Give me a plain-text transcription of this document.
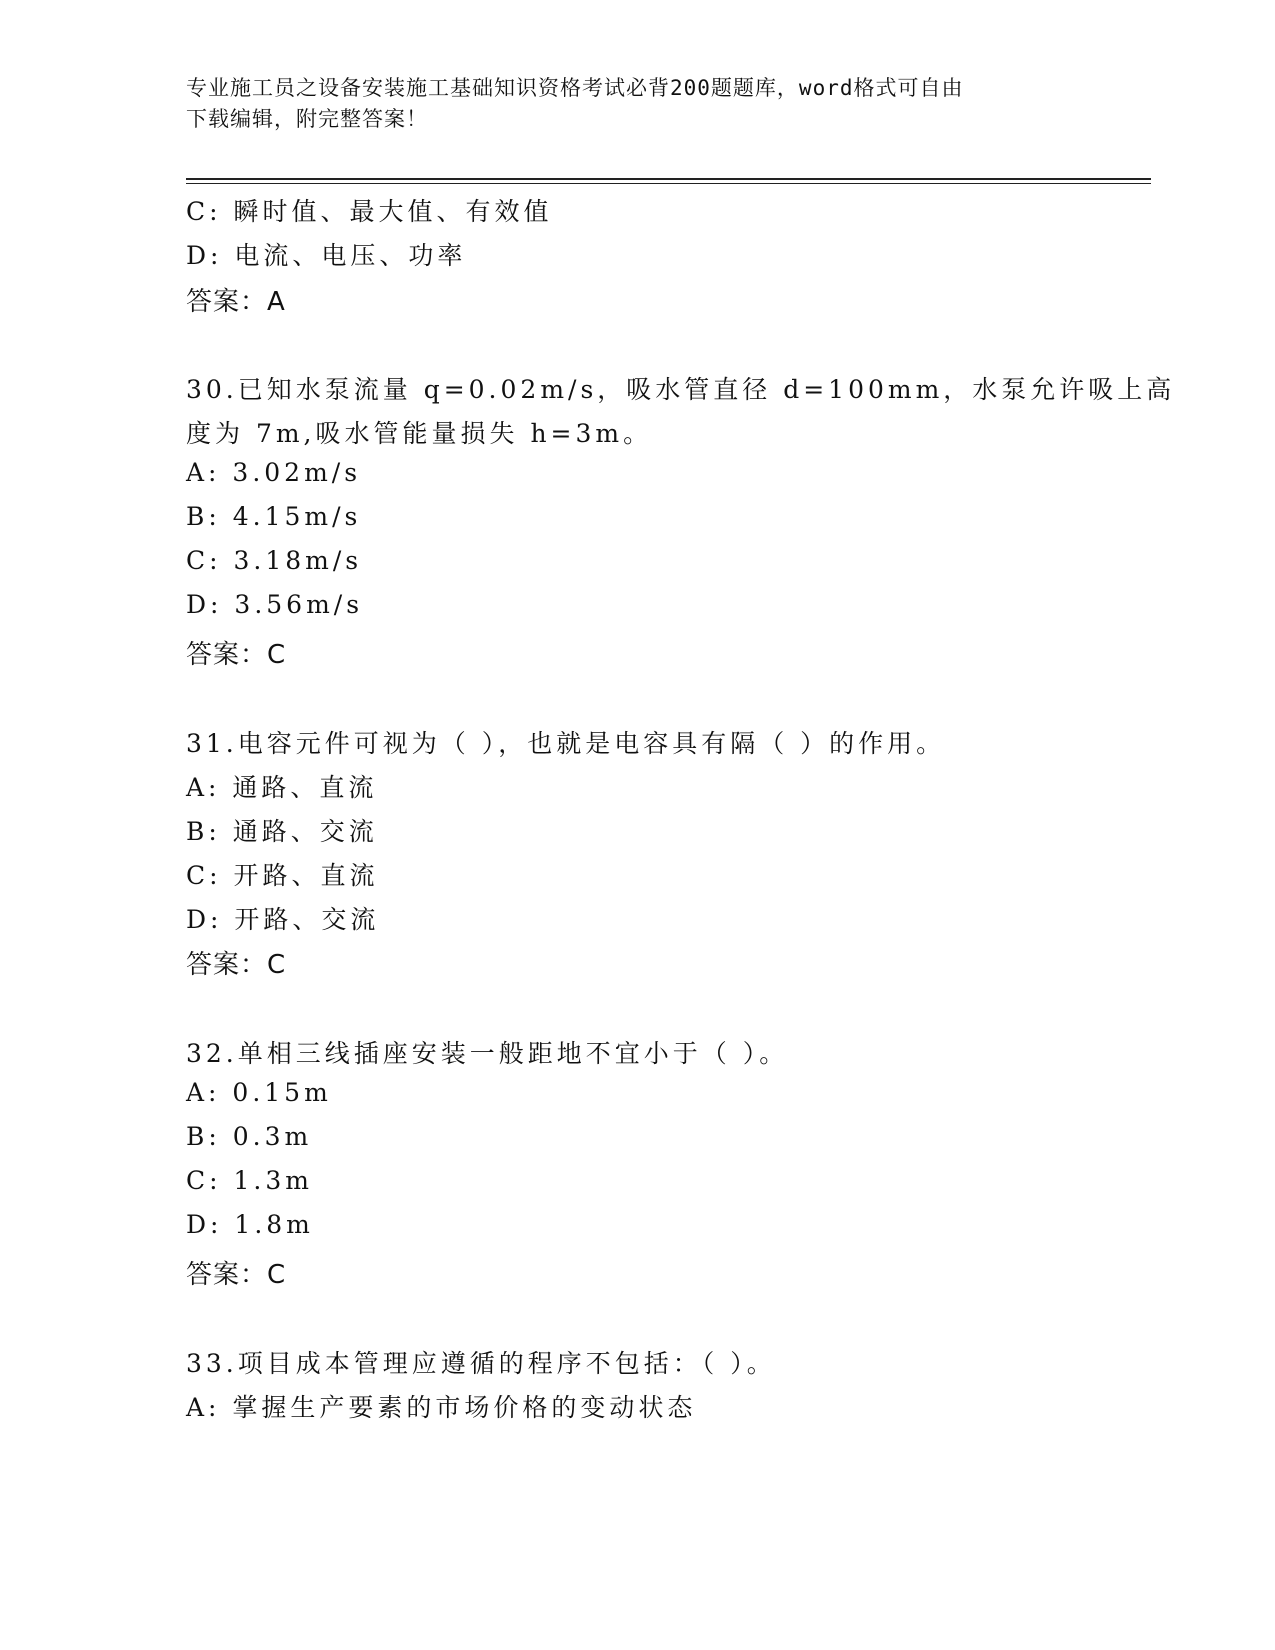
专业施工员之设备安装施工基础知识资格考试必背200题题库，word格式可自由
下载编辑，附完整答案！
C: 瞬时值、最大值、有效值
D: 电流、电压、功率
答案：A
30.已知水泵流量 q=0.02m/s，吸水管直径 d=100mm，水泵允许吸上高
度为 7m,吸水管能量损失 h=3m。
A: 3.02m/s
B: 4.15m/s
C: 3.18m/s
D: 3.56m/s
答案：C
31.电容元件可视为（ ），也就是电容具有隔（ ）的作用。
A: 通路、直流
B: 通路、交流
C: 开路、直流
D: 开路、交流
答案：C
32.单相三线插座安装一般距地不宜小于（ ）。
A: 0.15m
B: 0.3m
C: 1.3m
D: 1.8m
答案：C
33.项目成本管理应遵循的程序不包括：（ ）。
A: 掌握生产要素的市场价格的变动状态
